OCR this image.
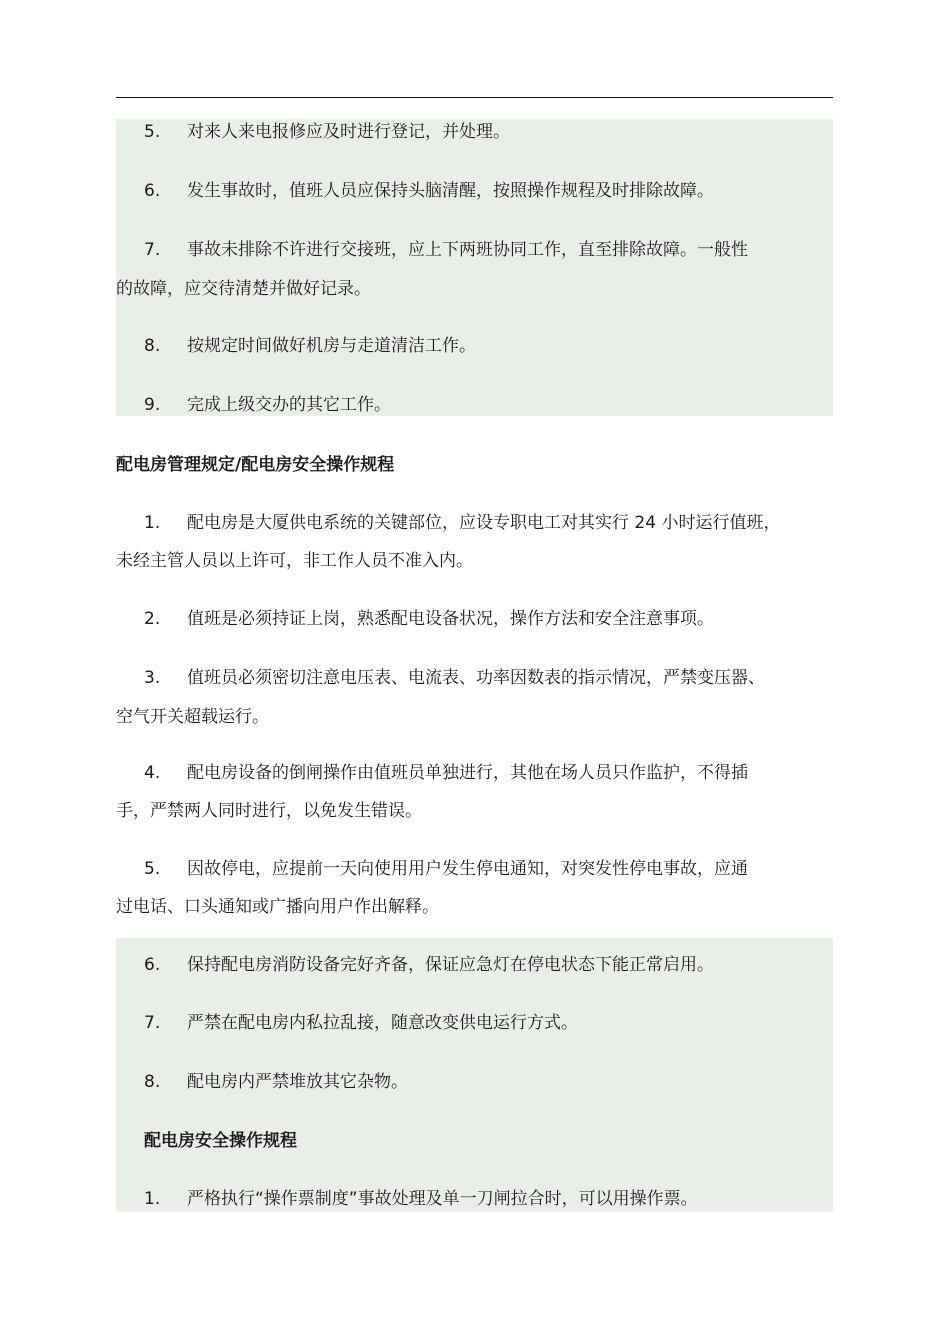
5. 对来人来电报修应及时进行登记，并处理。
6. 发生事故时，值班人员应保持头脑清醒，按照操作规程及时排除故障。
7. 事故未排除不许进行交接班，应上下两班协同工作，直至排除故障。一般性
的故障，应交待清楚并做好记录。
8. 按规定时间做好机房与走道清洁工作。
9. 完成上级交办的其它工作。
配电房管理规定/配电房安全操作规程
1. 配电房是大厦供电系统的关键部位，应设专职电工对其实行 24 小时运行值班，
未经主管人员以上许可，非工作人员不准入内。
2. 值班是必须持证上岗，熟悉配电设备状况，操作方法和安全注意事项。
3. 值班员必须密切注意电压表、电流表、功率因数表的指示情况，严禁变压器、
空气开关超载运行。
4. 配电房设备的倒闸操作由值班员单独进行，其他在场人员只作监护，不得插
手，严禁两人同时进行，以免发生错误。
5. 因故停电，应提前一天向使用用户发生停电通知，对突发性停电事故，应通
过电话、口头通知或广播向用户作出解释。
6. 保持配电房消防设备完好齐备，保证应急灯在停电状态下能正常启用。
7. 严禁在配电房内私拉乱接，随意改变供电运行方式。
8. 配电房内严禁堆放其它杂物。
配电房安全操作规程
1. 严格执行“操作票制度”事故处理及单一刀闸拉合时，可以用操作票。
